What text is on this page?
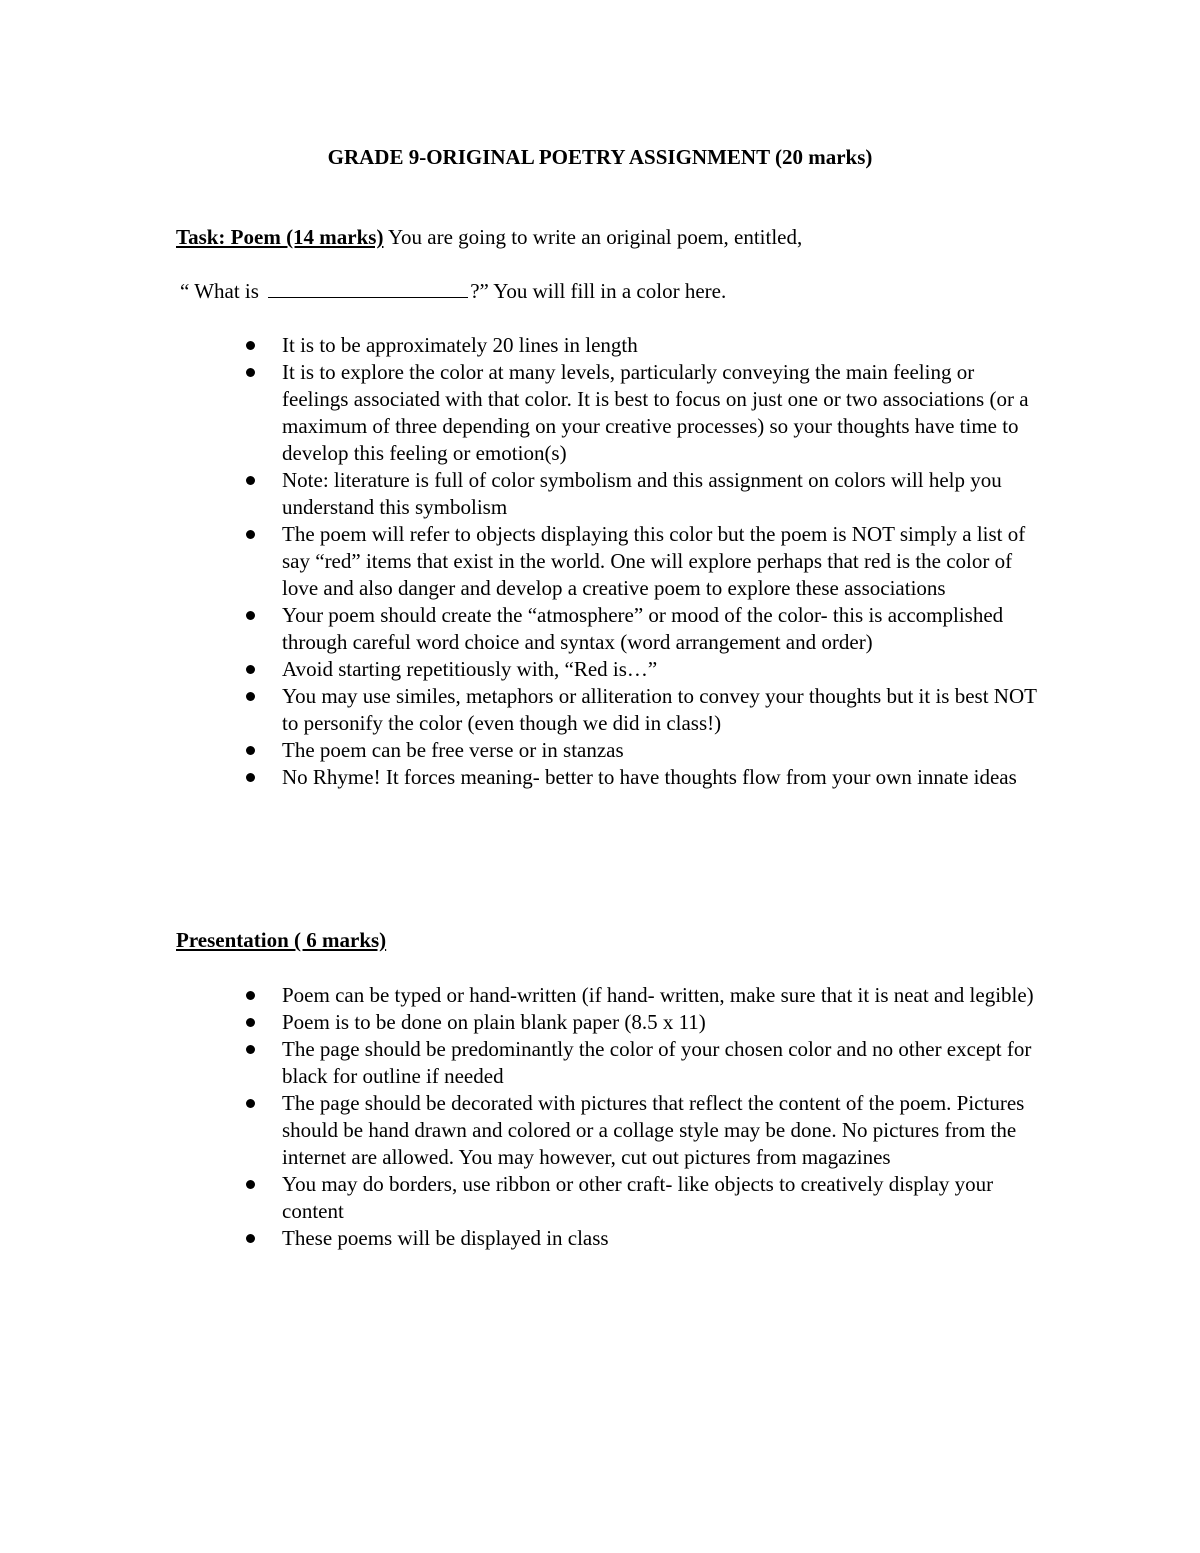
GRADE 9-ORIGINAL POETRY ASSIGNMENT (20 marks)
Task: Poem (14 marks) You are going to write an original poem, entitled,
“ What is	?” You will fill in a color here.
It is to be approximately 20 lines in length
It is to explore the color at many levels, particularly conveying the main feeling or feelings associated with that color. It is best to focus on just one or two associations (or a maximum of three depending on your creative processes) so your thoughts have time to develop this feeling or emotion(s)
Note: literature is full of color symbolism and this assignment on colors will help you understand this symbolism
The poem will refer to objects displaying this color but the poem is NOT simply a list of say “red” items that exist in the world. One will explore perhaps that red is the color of love and also danger and develop a creative poem to explore these associations
Your poem should create the “atmosphere” or mood of the color- this is accomplished through careful word choice and syntax (word arrangement and order)
Avoid starting repetitiously with, “Red is…”
You may use similes, metaphors or alliteration to convey your thoughts but it is best NOT to personify the color (even though we did in class!)
The poem can be free verse or in stanzas
No Rhyme! It forces meaning- better to have thoughts flow from your own innate ideas
Presentation ( 6 marks)
Poem can be typed or hand-written (if hand- written, make sure that it is neat and legible)
Poem is to be done on plain blank paper (8.5 x 11)
The page should be predominantly the color of your chosen color and no other except for black for outline if needed
The page should be decorated with pictures that reflect the content of the poem. Pictures should be hand drawn and colored or a collage style may be done. No pictures from the internet are allowed. You may however, cut out pictures from magazines
You may do borders, use ribbon or other craft- like objects to creatively display your content
These poems will be displayed in class
